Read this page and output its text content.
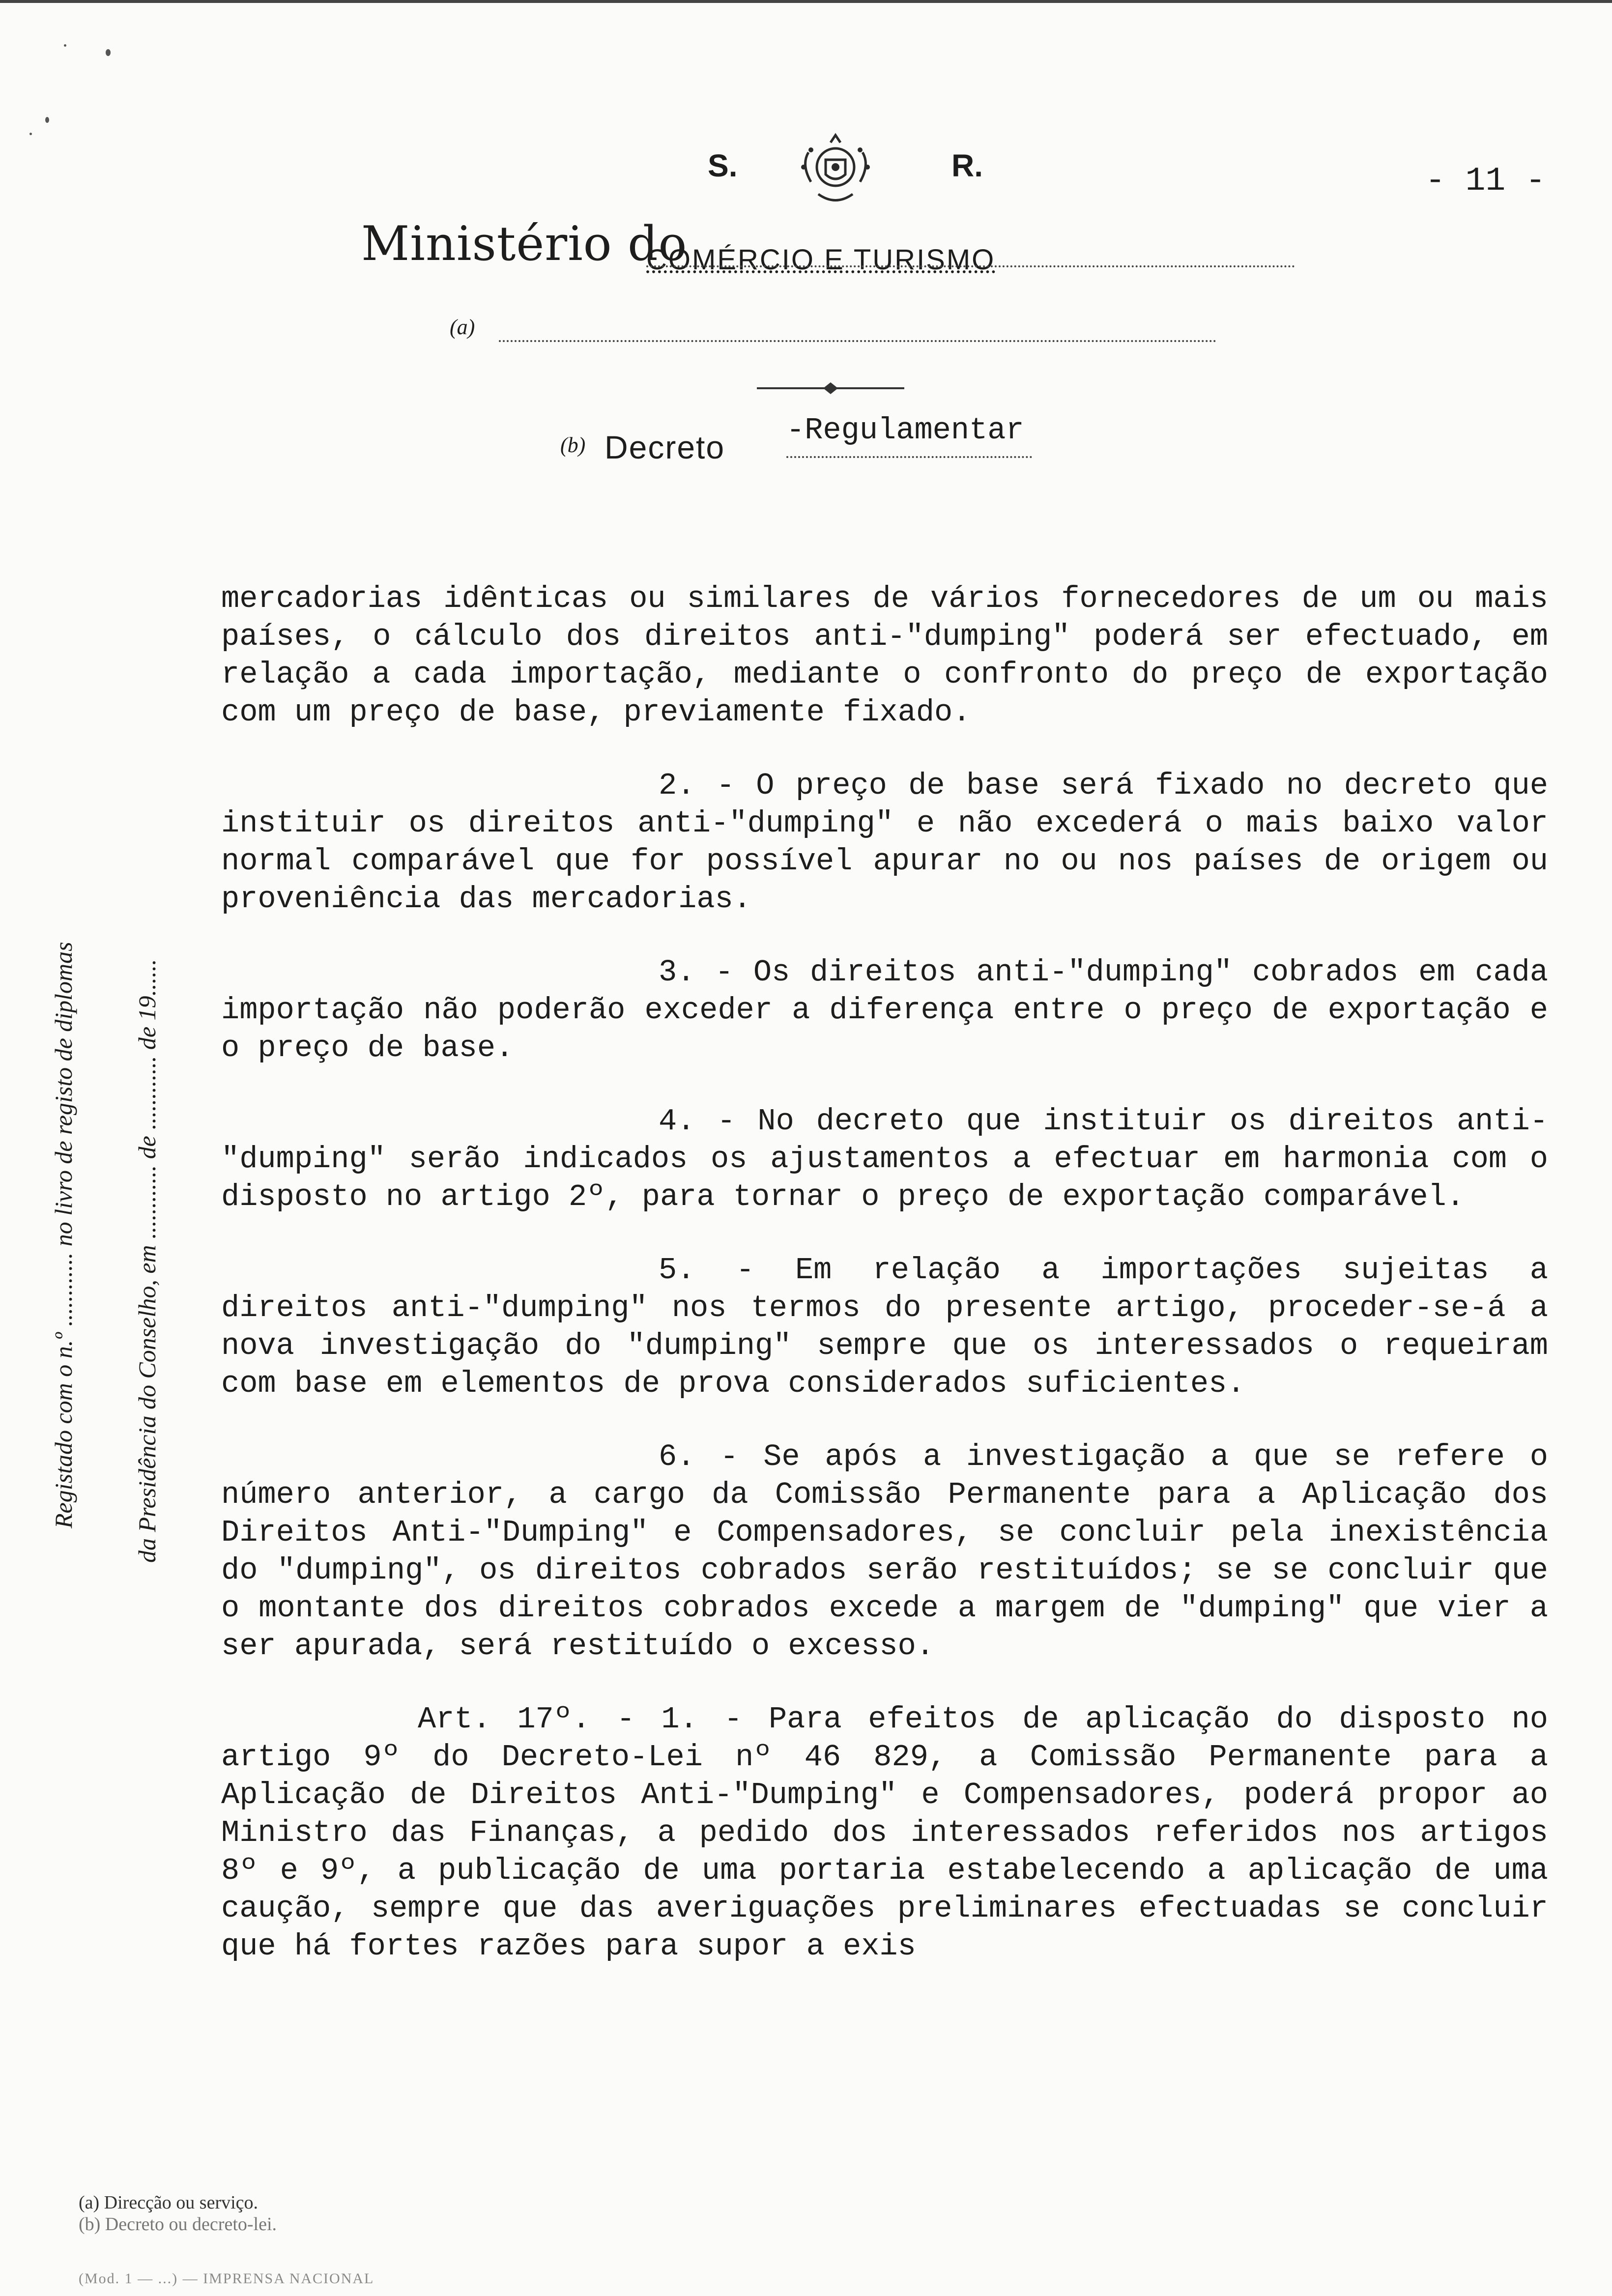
S.	R.	- 11 -
Ministério do
COMÉRCIO E TURISMO
(a)
(b) Decreto -Regulamentar
Registado com o n.º ............ no livro de registo de diplomas	da Presidência do Conselho, em ............ de ............ de 19......

mercadorias idênticas ou similares de vários fornecedores de um ou mais países, o cálculo dos direitos anti-"dumping" poderá ser efectuado, em relação a cada importação, mediante o confronto do preço de exportação com um preço de base, previamente fixado.

2. - O preço de base será fixado no decreto que instituir os direitos anti-"dumping" e não excederá o mais baixo valor normal comparável que for possível apurar no ou nos países de origem ou proveniência das mercadorias.

3. - Os direitos anti-"dumping" cobrados em cada importação não poderão exceder a diferença entre o preço de exportação e o preço de base.

4. - No decreto que instituir os direitos anti-"dumping" serão indicados os ajustamentos a efectuar em harmonia com o disposto no artigo 2º, para tornar o preço de exportação comparável.

5. - Em relação a importações sujeitas a direitos anti-"dumping" nos termos do presente artigo, proceder-se-á a nova investigação do "dumping" sempre que os interessados o requeiram com base em elementos de prova considerados suficientes.

6. - Se após a investigação a que se refere o número anterior, a cargo da Comissão Permanente para a Aplicação dos Direitos Anti-"Dumping" e Compensadores, se concluir pela inexistência do "dumping", os direitos cobrados serão restituídos; se se concluir que o montante dos direitos cobrados excede a margem de "dumping" que vier a ser apurada, será restituído o excesso.

Art. 17º. - 1. - Para efeitos de aplicação do disposto no artigo 9º do Decreto-Lei nº 46 829, a Comissão Permanente para a Aplicação de Direitos Anti-"Dumping" e Compensadores, poderá propor ao Ministro das Finanças, a pedido dos interessados referidos nos artigos 8º e 9º, a publicação de uma portaria estabelecendo a aplicação de uma caução, sempre que das averiguações preliminares efectuadas se concluir que há fortes razões para supor a exis

(a) Direcção ou serviço.
(b) Decreto ou decreto-lei.
(Mod. 1 — ...) — IMPRENSA NACIONAL
